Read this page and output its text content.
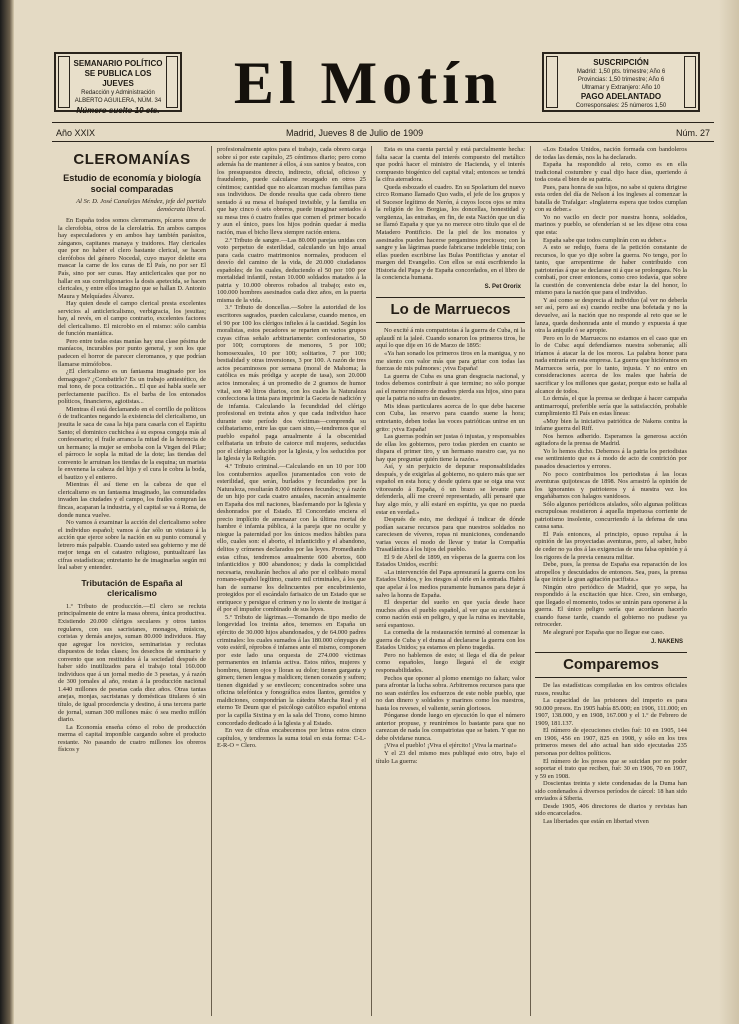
SEMANARIO POLÍTICO
SE PUBLICA LOS JUEVES
Redacción y Administración
ALBERTO AGUILERA, NÚM. 34
Número suelto 10 cts.	El Motín	SUSCRIPCIÓN
Madrid: 1,50 pts. trimestre; Año 6
Provincias: 1,50 trimestre; Año 6
Ultramar y Extranjero: Año 10
PAGO ADELANTADO
Corresponsales: 25 números 1,50
Año XXIX	Madrid, Jueves 8 de Julio de 1909	Núm. 27
CLEROMANÍAS
Estudio de economía y biología social comparadas
Al Sr. D. José Canalejas Méndez, jefe del partido demócrata liberal.

En España todos somos cleromanos, pícaros unos de la clerofobia, otros de la clerolatría. En ambos campos hay especuladores y en ambos hay también parásitos, zánganos, capitanes manaya y traidores. Hay clericales que por no haber el clero bastante clerical, se hacen clerófobos del género Nocedal, cuyo mayor deleite era mascar la carne de los curas de El País, no por ser El País, sino por ser curas. Hay anticlericales que por no hallar en sus correligionarios la dosis apetecida, se hacen clericales, y entre ellos imagino que se hallan D. Antonio Maura y Melquíades Álvarez.

Hay quien desde el campo clerical presta excelentes servicios al anticlericalismo, verbigracia, los jesuitas; hay, al revés, en el campo contrario, excelentes factores del clericalismo. El microbio en el mismo: sólo cambia de función maniática.

Pero entre todas estas manías hay una clase pésima de maníacos, incurables por punto general, y son los que padecen el horror de parecer cleromanos, y que podrían llamarse mimófobos.

¿El clericalismo es un fantasma imaginado por los demagogos? ¿Combatirlo? Es un trabajo antiestético, de mal tono, de poca cotización... El que así habla suele ser perfectamente pacífico. Es el barba de los entonados políticos, financieros, agiotistas...

Mientras él está declamando en el corrillo de políticos ó de traficantes negando la existencia del clericalismo, un jesuita le saca de casa la hija para casarla con el Espíritu Santo; el dominico cuchichea á su esposa congoja más al confesonario; el fraile arranca la mitad de la herencia de un hermano; la mujer se emboba con la Virgen del Pilar; el párroco le sopla la mitad de la dote; las tiendas del convento le arruinan los tiendas de la esquina; un marista le envenena la cabeza del hijo y el cura le cobra la boda, el bautizo y el entierro.

Mientras él así tiene en la cabeza de que el clericalismo es un fantasma imaginado, las comunidades invaden las ciudades y el campo, los frailes compran las fincas, acaparan la industria, y el capital se va á Roma, de donde nunca vuelve.

No vamos á examinar la acción del clericalismo sobre el individuo español; vamos á dar sólo un vistazo á la acción que ejerce sobre la nación en su punto comunal y letrero más palpable. Cuando usted sea gobierno y me dé mejor tenga en el catastro religioso, puntualizaré las cifras estadísticas; entretanto he de imaginarlas según mi leal saber y entender.

Tributación de España al clericalismo

1.º Tributo de producción.—El clero se recluta principalmente de entre la masa obrera, única productiva. Existiendo 20.000 clérigos seculares y otros tantos regulares, con sus sacristanes, monagos, músicos, coristas y demás anejos, suman 80.000 individuos. Hay que agregar los novicios, seminaristas y reclutas dispuestos de todas clases; los desechos de seminario y convento que son restituidos á la sociedad después de haber sido inutilizados para el trabajo total 160.000 individuos que á un jornal medio de 3 pesetas, y á razón de 300 jornales al año, restan á la producción nacional 1.440 millones de pesetas cada diez años. Otras tantas anejas, monjas, sacristanas y domésticas titulares ó sin título, de igual procedencia y destino, á una tercera parte de jornal, suman 300 millones más: ó sea medio millón diario.

La Economía enseña cómo el robo de producción merma el capital imponible cargando sobre el producto restante. No pasando de cuatro millones los obreros físicos y

profesionalmente aptos para el trabajo, cada obrero carga sobre sí por este capítulo, 25 céntimos diario; pero como además ha de mantener á ellos, á sus santos y beatos, con los presupuestos directo, indirecto, oficial, oficioso y fraudulento, puede calcularse recargado en otros 25 céntimos; cantidad que no alcanzan muchas familias para sus individuos. De donde resulta que cada obrero tiene sentado á su mesa el huésped invisible, y la familia en que hay cinco ó seis obreros, puede imaginar sentados á su mesa tres ó cuatro frailes que comen el primer bocado y aun el único, pues los hijos podrán quedar á media ración, mas el bicho lleva siempre ración entera.

2.º Tributo de sangre.—Las 80.000 parejas unidas con voto perpetuo de esterilidad, calculando un hijo anual para cada cuatro matrimonios normales, producen el desvío del camino de la vida, de 20.000 ciudadanos españoles; de los cuales, deduciendo el 50 por 100 por mortalidad infantil, restan 10.000 soldados matados á la patria y 10.000 obreros robados al trabajo; esto es, 100.000 hombres asesinados cada diez años, en la puerta misma de la vida.

3.º Tributo de doncellas.—Sobre la autoridad de los escritores sagrados, pueden calcularse, cuando menos, en el 90 por 100 los clérigos infieles á la castidad. Según los moralistas, estos pecadores se reparten en varios grupos cuyas cifras señalo arbitrariamente: confesionarios, 50 por 100; corruptores de menores, 5 por 100; homosexuales, 10 por 100; solitarios, 7 por 100; bestialidad y otras inversiones, 3 por 100. A razón de tres actos pecaminosos por semana (moral de Mahoma; la católica es más pródiga y acepte de tasa), son 20.000 actos inmorales; á un promedio de 2 gramos de humor vital, son 40 litros diarios, con los cuales la Naturaleza confecciona la tinta para imprimir la Gaceta de nadición y de infamia. Calculando la fecundidad del clérigo profesional en treinta años y que cada individuo hace durante este período dos víctimas—comprenda su celibatarismo, entre las que caen sino,—tendremos que el pueblo español paga anualmente á la obscenidad celibataria un tributo de catorce mil mujeres, seducidas por el clérigo seducido por la Iglesia, y los seducidos por la Iglesia y la Religión.

4.º Tributo criminal.—Calculando en un 10 por 100 los contubernios aquellos juramentados con voto de esterilidad, que serán, burlados y fecundados por la Naturaleza, resultarán 8.000 niñiones fecundos; y á razón de un hijo por cada cuatro anuales, nacerán anualmente en España dos mil naciones, blasfemando por la Iglesia y deshonrados por el Estado. El Concordato enciera el precio implícito de amenazar con la última mortal de hambre é infamia pública, á la pareja que no oculte y niegue la paternidad por los únicos medios hábiles para ello, cuales son: el aborto, el infanticidio y el abandono, delitos y crímenes declarados por las leyes. Promediando estas cifras, tendremos anualmente 600 abortos, 600 infanticidios y 800 abandonos; y dada la complicidad necesaria, resultarán hechos al año por el celibato moral romano-español legítimo, cuatro mil criminales, á los que han de sumarse los delincuentes por encubrimiento, protegidos por el escándalo farisaico de un Estado que se enriquece y persigue el crimen y no lo siente de instigar á él por el impudor combinado de sus leyes.

5.º Tributo de lágrimas.—Tomando de tipo medio de longevidad los treinta años, tenemos en España un ejército de 30.000 hijos abandonados, y de 64.000 padres criminales: los cuales sumados á las 180.000 cónyuges de voto estéril, réprobos é infames ante el mismo, componen por este lado una orquesta de 274.000 víctimas permanentes en infamia activa. Estos niños, mujeres y hombres, tienen ojos y lloran su dolor; tienen garganta y gimen; tienen lengua y maldicen; tienen corazón y sufren; tienen dignidad y se envilecen; concentrados sobre una oficina telefónica y fonográfica estos llantos, gemidos y maldiciones, compondrían la cátedra Marcha Real y el eterno Te Deum que el psicólogo católico español entona por la capilla Sixtina y en la sala del Trono, como himno concordado dedicado á la Iglesia y al Estado.

En vez de cifras encabecemos por letras estos cinco capítulos, y tendremos la suma total en esta forma: C-L-E-R-O = Clero.

Esta es una cuenta parcial y está parcialmente hecha: falta sacar la cuenta del interés compuesto del metálico que podrá hacer el ministro de Hacienda, y el interés compuesto biogénico del capital vital; entonces se tendrá la cifra aterradora.

Queda esbozado el cuadro. En su Spolarium del nuevo circo Romano llamado Quo vadis, el jefe de los grupos y el Sucesor legítimo de Nerón, á cuyos locos ojos se mira la religión de los Borgias, los doncellas, honestidad y vergüenza, las entrañas, en fin, de esta Nación que un día se llamó España y que ya no merece otro título que el de Matadero Pontificio. De la piel de los monatos y asesinados pueden hacerse pergaminos preciosos; con la sangre y las lágrimas puede fabricarse indeleble tinta; con ellas pueden escribirse las Bulas Pontificias y anotar el margen del Evangelio. Con ellos se está escribiendo la Historia del Papa y de España concordados, en el libro de la conciencia humana.

S. Pet Ororix
Lo de Marruecos

No excité á mis compatriotas á la guerra de Cuba, ni la aplaudí ni la jaleé. Cuando sonaron los primeros tiros, he aquí lo que dije en 16 de Marzo de 1895:

«Ya han sonado los primeros tiros en la manigua, y no me siento con valor más que para gritar con todas las fuerzas de mis pulmones: ¡viva España!

La guerra de Cuba es una gran desgracia nacional, y todos debemos contribuir á que termine; no sólo porque así el menor número de madres pierda sus hijos, sino para que la patria no sufra un desastre.

Mis ideas particulares acerca de lo que debe hacerse con Cuba, las reservo para cuando suene la hora; entretanto, deben todas las voces patrióticas unirse en un grito: ¡viva España!

Las guerras podrán ser justas ó injustas, y responsables de ellas los gobiernos, pero todas pierden en cuanto se dispara el primer tiro, y un hermano nuestro cae, ya no hay que preguntar quién tiene la razón.»

Así, y sin perjuicio de depurar responsabilidades después, y de exigirlas al gobierno, no quiero más que ser español en esta hora; y desde quiera que se oiga una voz vitoreando á España, ó un brazo se levante para defenderla, allí me creeré representado, allí pensaré que hay algo mío, y allí estaré en espíritu, ya que no pueda estar en verdad.»

Después de esto, me dediqué á indicar de dónde podían sacarse recursos para que nuestros soldados no careciesen de víveres, ropas ni municiones, condenando varias veces el modo de llevar y tratar la Compañía Trasatlántica á los hijos del pueblo.

El 9 de Abril de 1899, en vísperas de la guerra con los Estados Unidos, escribí:

«La intervención del Papa apresurará la guerra con los Estados Unidos, y los riesgos al oírle en la entrada. Habrá que apelar á los medios puramente humanos para dejar á salvo la honra de España.

El despertar del sueño en que yacía desde hace muchos años el pueblo español, al ver que su existencia como nación está en peligro, y que la ruina es inevitable, será espantoso.

La comedia de la restauración terminó al comenzar la guerra de Cuba y el drama al declararse la guerra con los Estados Unidos; ya estamos en pleno tragedia.

Pero no hablemos de esto; si llega el día de pelear como españoles, luego llegará el de exigir responsabilidades.

Pechos que oponer al plomo enemigo no faltan; valor para afrontar la lucha sobra. Arbitremos recursos para que no sean estériles los esfuerzos de este noble pueblo, que no dan dinero y soldados y marinos como los nuestros, hasta los reveses, el valiente, serán gloriosos.

Pónganse donde luego en ejecución lo que el número anterior propuse, y reunirémos lo bastante para que no carezcan de nada los compatriotas que se baten. Y que no debe olvidarse nunca.

¡Viva el pueblo! ¡Viva el ejército! ¡Viva la marina!»

Y el 23 del mismo mes publiqué esto otro, bajo el título La guerra:

«Los Estados Unidos, nación formada con bandoleros de todas las demás, nos la ha declarado.

España ha respondido al reto, como es en ella tradicional costumbre y cual dijo hace días, queriendo á toda costa el bien de su patria.

Pues, para honra de sus hijos, no sabe si quiera dirigirse esta orden del día de Nelson á los ingleses al comenzar la batalla de Trafalgar: «Inglaterra espera que todos cumplan con su deber.»

Yo no vacilo en decir por nuestra honra, soldados, marinos y pueblo, se ofenderían si se les dijese otra cosa que esta:

España sabe que todos cumplirán con su deber.»

A esto se redujo, fuera de la petición constante de recursos, lo que yo dije sobre la guerra. No tengo, por lo tanto, que arrepentirme de haber contribuido con patrioterías á que se declarase ni á que se prolongara. No la combatí, por creer entonces, como creo todavía, que sobre la cuestión de conveniencia debe estar la del honor, lo mismo para la nación que para el individuo.

Y así como se desprecia al individuo (al ver no deberla ser así, pero así es) cuando recibe una bofetada y no la devuelve, así la nación que no responde al reto que se le lanza, queda deshonrada ante el mundo y expuesta á que otra la aniquile ó se apropie.

Pero en lo de Marruecos no estamos en el caso que en lo de Cuba: aquí defendíamos nuestra soberanía; allí iríamos á atacar la de los moros. La palabra honor para nada entraría en esta empresa. La guerra que hiciéramos en Marruecos sería, por lo tanto, injusta. Y no entro en consideraciones acerca de los males que habría de sacrificar y los millones que gastar, porque esto se halla al alcance de todos.

Lo demás, el que la prensa se dedique á hacer campaña antimarroquí, preferible sería que la satisfacción, probable cumplimiento El País en estas líneas:

«Muy bien la iniciativa patriótica de Nakens contra la infame guerra del Riff.

Nos hemos adherido. Esperamos la generosa acción agitadora de la prensa de Madrid.

Yo lo hemos dicho. Debemos á la patria los periodistas ese sentimiento que es á modo de acto de contrición por pasados desaciertos y errores.

No poco contribuimos los periodistas á las locas aventuras quijotescas de 1898. Nos arrastró la opinión de los ignorantes y patrioteros y á nuestra vez los engañábamos con halagos vanidosos.

Sólo algunos periódicos aislados, sólo algunas políticas escrupulosas resistieron á aquella impetuosa corriente de patriotismo insolente, concurriendo á la defensa de una causa sana.

El País entonces, al principio, opuso repulsa á la opinión de las proyectadas aventuras, pero, al saber, hubo de ceder no ya dos á las exigencias de una falsa opinión y á los rigores de la previa censura militar.

Debe, pues, la prensa de España esa reparación de los atropellos y descuidados de entonces. Sea, pues, la prensa la que inicie la gran agitación pacifista.»

Ningún otro periódico de Madrid, que yo sepa, ha respondido á la excitación que hice. Creo, sin embargo, que llegado el momento, todos se unirán para oponerse á la guerra. El único peligro sería que acordaran hacerlo cuando fuese tarde, cuando el gobierno no pudiese ya retroceder.

Me alegraré por España que no llegue ese caso.

J. NAKENS
Comparemos

De las estadísticas compiladas en los centros oficiales rusos, resulta:

La capacidad de las prisiones del imperio es para 90.000 presos. En 1905 había 85.000; en 1906, 111.000; en 1907, 138.000, y en 1908, 167.000 y el 1.º de Febrero de 1909, 181.137.

El número de ejecuciones civiles fué: 10 en 1905, 144 en 1906, 456 en 1907, 825 en 1908, y sólo en los tres primeros meses del año actual han sido ejecutadas 235 personas por delitos políticos.

El número de los presos que se suicidan por no poder soportar el trato que reciben, fué: 30 en 1906, 70 en 1907, y 59 en 1908.

Doscientas treinta y siete condenadas de la Duma han sido condenados á diversos períodos de cárcel: 18 han sido enviados á Siberia.

Desde 1905, 406 directores de diarios y revistas han sido encarcelados.

Las libertades que están en libertad viven
